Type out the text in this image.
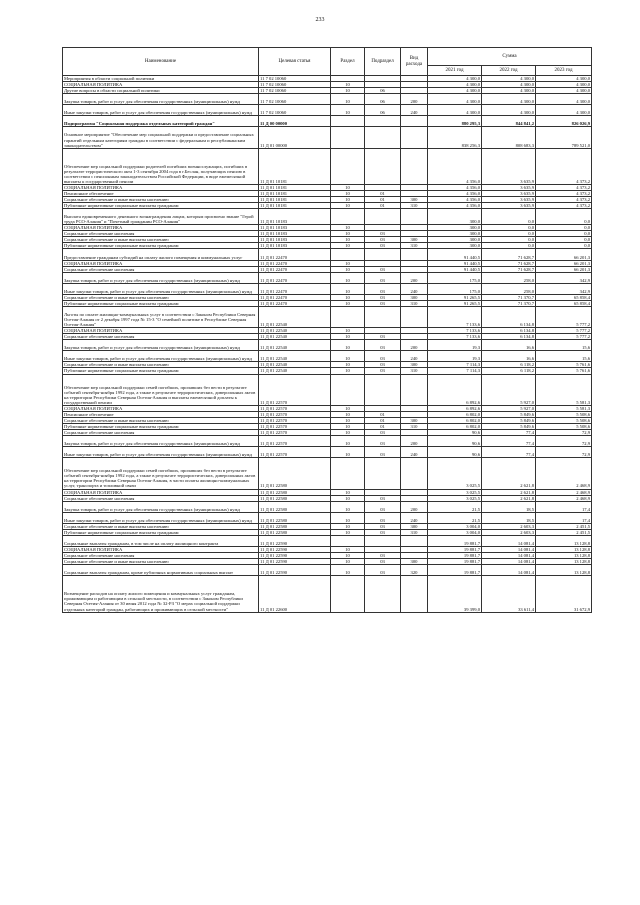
233
Наименование	Целевая статья	Раздел	Подраздел	Вид расхода	Сумма		
					2021 год	2022 год	2023 год
Мероприятия в области социальной политики	11 7 02 10060				4 300,0	4 300,0	4 300,0
СОЦИАЛЬНАЯ ПОЛИТИКА	11 7 02 10060	10			4 300,0	4 300,0	4 300,0
Другие вопросы в области социальной политики	11 7 02 10060	10	06		4 300,0	4 300,0	4 300,0
Закупка товаров, работ и услуг для обеспечения государственных (муниципальных) нужд	11 7 02 10060	10	06	200	4 300,0	4 300,0	4 300,0
Иные закупки товаров, работ и услуг для обеспечения государственных (муниципальных) нужд	11 7 02 10060	10	06	240	4 300,0	4 300,0	4 300,0
Подпрограмма "Социальная поддержка отдельных категорий граждан"	11 Д 00 00000				880 295,3	844 841,2	826 026,9
Основное мероприятие "Обеспечение мер социальной поддержки и предоставление социальных гарантий отдельным категориям граждан в соответствии с федеральным и республиканским законодательством"	11 Д 01 00000				838 256,3	808 683,3	789 521,0
Обеспечение мер социальной поддержки родителей погибших военнослужащих, погибших в результате террористического акта 1-3 сентября 2004 года в г.Беслан, получающих пенсию в соответствии с пенсионным законодательством Российской Федерации, в виде ежемесячной выплаты к государственной пенсии	11 Д 01 10181				4 356,0	3 635,9	4 373,2
СОЦИАЛЬНАЯ ПОЛИТИКА	11 Д 01 10181	10			4 356,0	3 635,9	4 373,2
Пенсионное обеспечение	11 Д 01 10181	10	01		4 356,0	3 635,9	4 373,2
Социальное обеспечение и иные выплаты населению	11 Д 01 10181	10	01	300	4 356,0	3 635,9	4 373,2
Публичные нормативные социальные выплаты гражданам	11 Д 01 10181	10	01	310	4 356,0	3 635,9	4 373,2
Выплата единовременного денежного вознаграждения лицам, которым присвоено звание "Герой труда РСО-Алания" и "Почетный гражданин РСО-Алания"	11 Д 01 10183				300,0	0,0	0,0
СОЦИАЛЬНАЯ ПОЛИТИКА	11 Д 01 10183	10			300,0	0,0	0,0
Социальное обеспечение населения	11 Д 01 10183	10	03		300,0	0,0	0,0
Социальное обеспечение и иные выплаты населению	11 Д 01 10183	10	03	300	300,0	0,0	0,0
Публичные нормативные социальные выплаты гражданам	11 Д 01 10183	10	03	310	300,0	0,0	0,0
Предоставление гражданам субсидий на оплату жилого помещения и коммунальных услуг	11 Д 01 22470				91 440,5	71 628,7	66 201,3
СОЦИАЛЬНАЯ ПОЛИТИКА	11 Д 01 22470	10			91 440,5	71 628,7	66 201,3
Социальное обеспечение населения	11 Д 01 22470	10	03		91 440,5	71 628,7	66 201,3
Закупка товаров, работ и услуг для обеспечения государственных (муниципальных) нужд	11 Д 01 22470	10	03	200	175,0	258,0	342,9
Иные закупки товаров, работ и услуг для обеспечения государственных (муниципальных) нужд	11 Д 01 22470	10	03	240	175,0	258,0	342,9
Социальное обеспечение и иные выплаты населению	11 Д 01 22470	10	03	300	91 265,5	71 370,7	65 858,4
Публичные нормативные социальные выплаты гражданам	11 Д 01 22470	10	03	310	91 265,5	71 370,7	65 858,4
Льготы по оплате жилищно-коммунальных услуг в соответствии с Законом Республики Северная Осетия-Алания от 2 декабря 1997 года № 15-3 "О семейной политике в Республике Северная Осетия-Алания"	11 Д 01 22540				7 133,6	6 134,8	5 777,2
СОЦИАЛЬНАЯ ПОЛИТИКА	11 Д 01 22540	10			7 133,6	6 134,8	5 777,2
Социальное обеспечение населения	11 Д 01 22540	10	03		7 133,6	6 134,8	5 777,2
Закупка товаров, работ и услуг для обеспечения государственных (муниципальных) нужд	11 Д 01 22540	10	03	200	19,3	16,6	15,6
Иные закупки товаров, работ и услуг для обеспечения государственных (муниципальных) нужд	11 Д 01 22540	10	03	240	19,3	16,6	15,6
Социальное обеспечение и иные выплаты населению	11 Д 01 22540	10	03	300	7 114,3	6 118,2	5 761,6
Публичные нормативные социальные выплаты гражданам	11 Д 01 22540	10	03	310	7 114,3	6 118,2	5 761,6
Обеспечение мер социальной поддержки семей погибших, пропавших без вести в результате событий сентября-ноября 1992 года, а также в результате террористических, диверсионных актов на территории Республики Северная Осетия-Алания и выплаты ежемесячной доплаты к государственной пенсии	11 Д 01 22570				6 892,6	5 927,0	5 581,3
СОЦИАЛЬНАЯ ПОЛИТИКА	11 Д 01 22570	10			6 892,6	5 927,0	5 581,3
Пенсионное обеспечение	11 Д 01 22570	10	01		6 802,0	5 849,6	5 508,6
Социальное обеспечение и иные выплаты населению	11 Д 01 22570	10	01	300	6 802,0	5 849,6	5 508,6
Публичные нормативные социальные выплаты гражданам	11 Д 01 22570	10	01	310	6 802,0	5 849,6	5 508,6
Социальное обеспечение населения	11 Д 01 22570	10	03		90,6	77,4	72,9
Закупка товаров, работ и услуг для обеспечения государственных (муниципальных) нужд	11 Д 01 22570	10	03	200	90,6	77,4	72,9
Иные закупки товаров, работ и услуг для обеспечения государственных (муниципальных) нужд	11 Д 01 22570	10	03	240	90,6	77,4	72,9
Обеспечение мер социальной поддержки семей погибших, пропавших без вести в результате событий сентября-ноября 1992 года, а также в результате террористических, диверсионных актов на территории Республики Северная Осетия-Алания, в части оплаты жилищно-коммунальных услуг, транспорта и топливной связи	11 Д 01 22580				3 025,5	2 621,8	2 468,9
СОЦИАЛЬНАЯ ПОЛИТИКА	11 Д 01 22580	10			3 025,5	2 621,8	2 468,9
Социальное обеспечение населения	11 Д 01 22580	10	03		3 025,5	2 621,8	2 468,9
Закупка товаров, работ и услуг для обеспечения государственных (муниципальных) нужд	11 Д 01 22580	10	03	200	21,5	18,5	17,4
Иные закупки товаров, работ и услуг для обеспечения государственных (муниципальных) нужд	11 Д 01 22580	10	03	240	21,5	18,5	17,4
Социальное обеспечение и иные выплаты населению	11 Д 01 22580	10	03	300	3 004,0	2 603,3	2 451,5
Публичные нормативные социальные выплаты гражданам	11 Д 01 22580	10	03	310	3 004,0	2 603,3	2 451,5
Социальные выплаты гражданам, в том числе на оплату жилищного контракта	11 Д 01 22590				19 881,7	14 081,4	13 128,8
СОЦИАЛЬНАЯ ПОЛИТИКА	11 Д 01 22590	10			19 881,7	14 081,4	13 128,8
Социальное обеспечение населения	11 Д 01 22590	10	03		19 881,7	14 081,4	13 128,8
Социальное обеспечение и иные выплаты населению	11 Д 01 22590	10	03	300	19 881,7	14 081,4	13 128,8
Социальные выплаты гражданам, кроме публичных нормативных социальных выплат	11 Д 01 22590	10	03	320	19 881,7	14 081,4	13 128,8
Возмещение расходов на оплату жилого помещения и коммунальных услуг гражданам, проживающим и работающим в сельской местности, в соответствии с Законом Республики Северная Осетия-Алания от 30 июня 2012 года № 32-РЗ "О мерах социальной поддержки отдельных категорий граждан, работающих и проживающих в сельской местности"	11 Д 01 22600				39 399,0	33 611,4	31 672,9
